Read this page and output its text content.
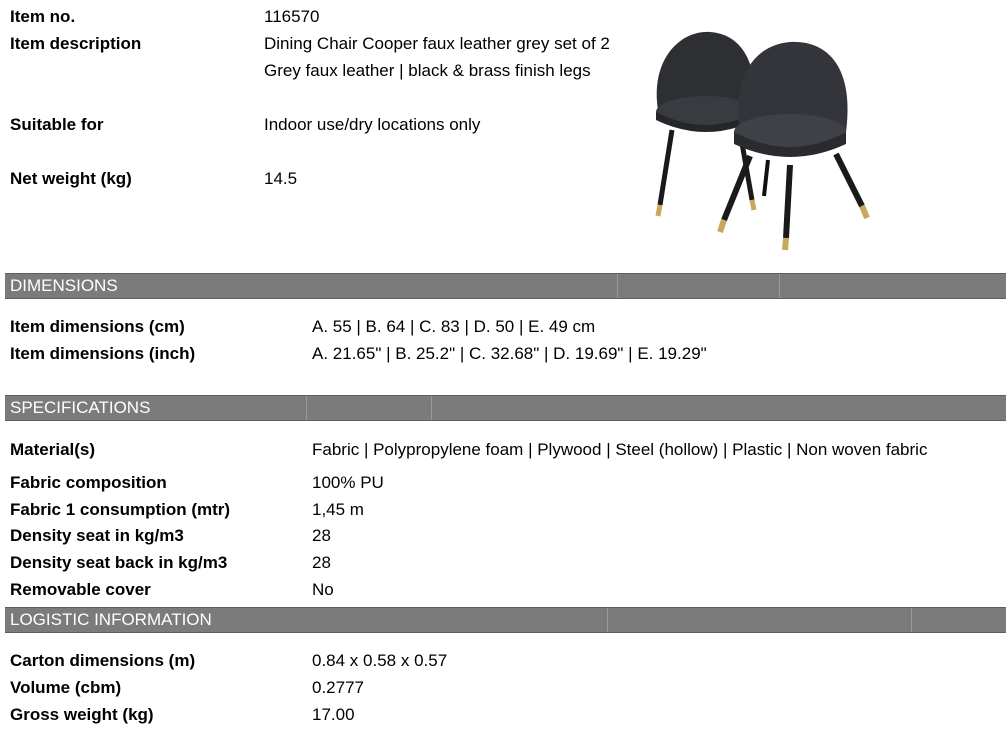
Item no.	116570
Item description	Dining Chair Cooper faux leather grey set of 2
Grey faux leather | black & brass finish legs
Suitable for	Indoor use/dry locations only
Net weight (kg)	14.5
DIMENSIONS
Item dimensions (cm)	A. 55 | B. 64 | C. 83 | D. 50 | E. 49 cm
Item dimensions (inch)	A. 21.65" | B. 25.2" | C. 32.68" | D. 19.69" | E. 19.29"
SPECIFICATIONS
Material(s)	Fabric | Polypropylene foam | Plywood | Steel (hollow) | Plastic | Non woven fabric
Fabric composition	100% PU
Fabric 1 consumption (mtr)	1,45 m
Density seat in kg/m3	28
Density seat back in kg/m3	28
Removable cover	No
LOGISTIC INFORMATION
Carton dimensions (m)	0.84 x 0.58 x 0.57
Volume (cbm)	0.2777
Gross weight (kg)	17.00
